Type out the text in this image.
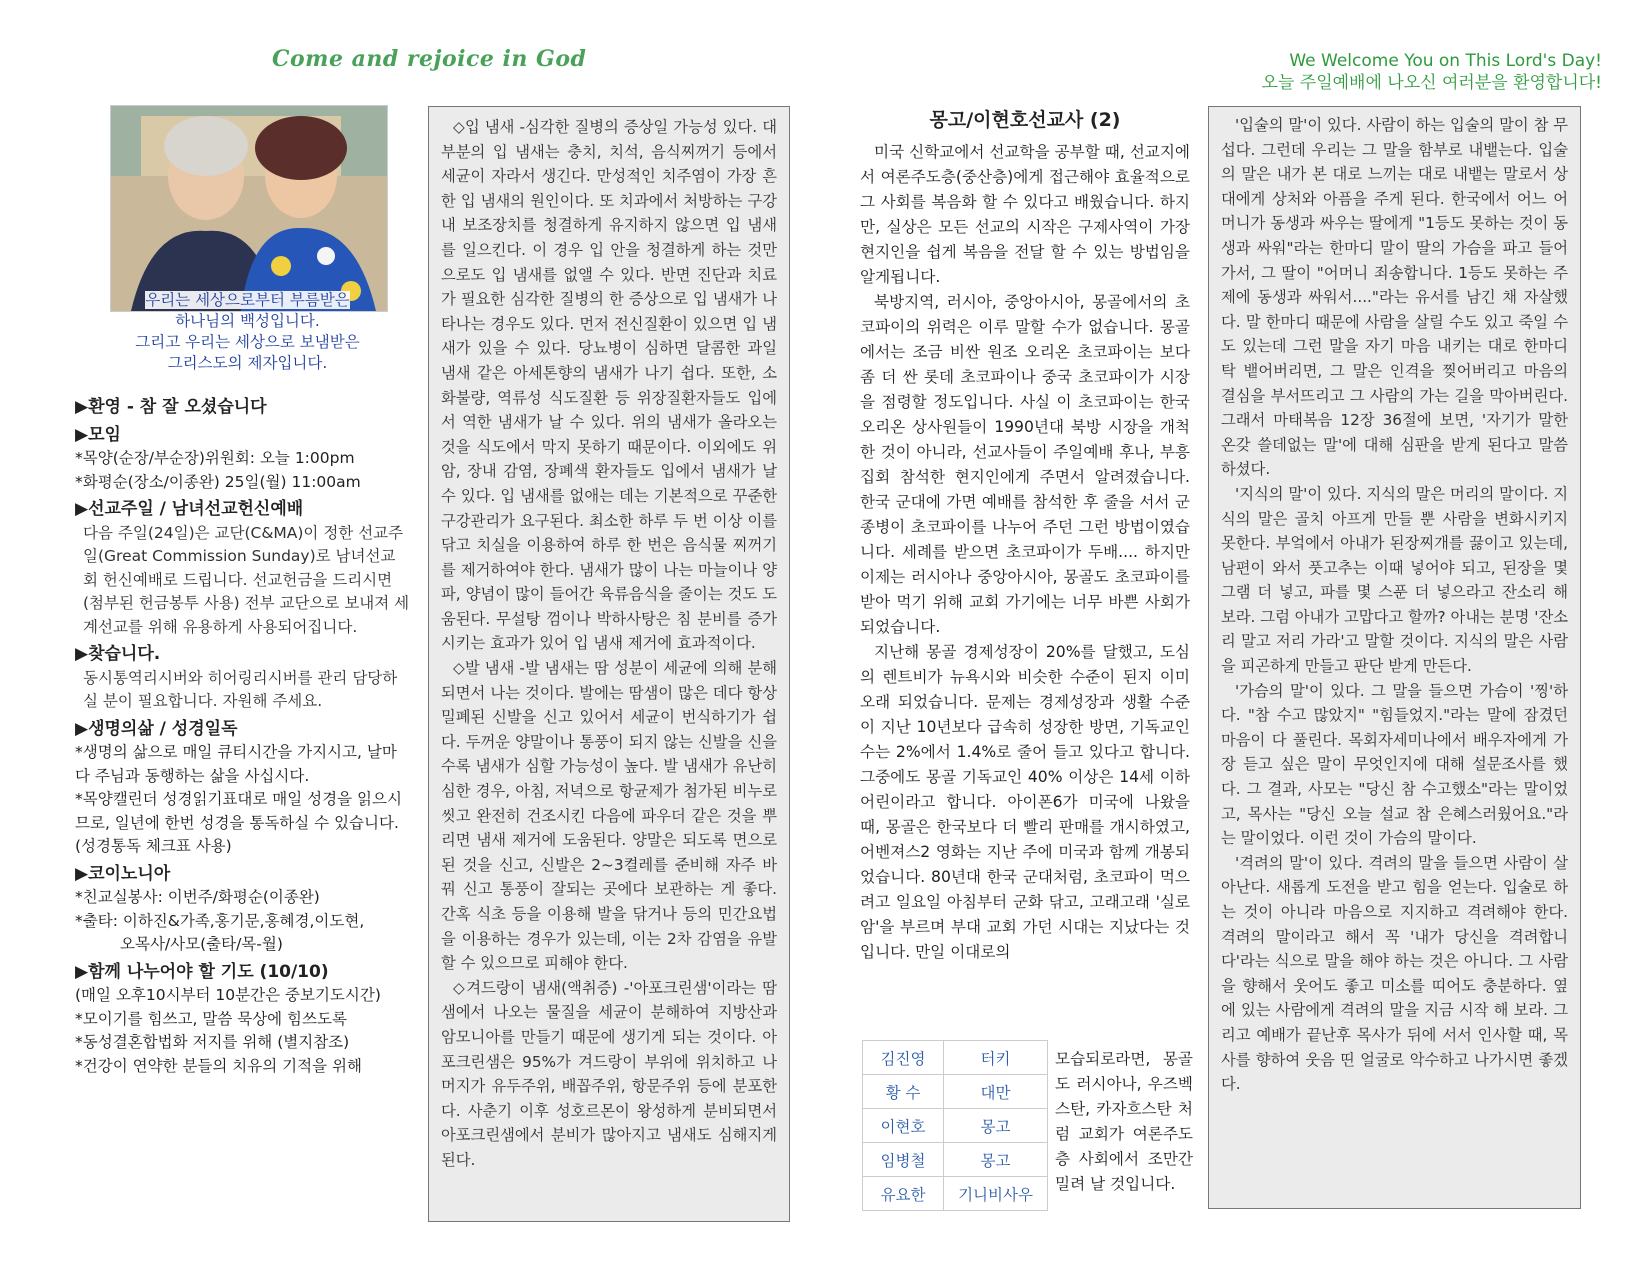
Come and rejoice in God	We Welcome You on This Lord's Day!
오늘 주일예배에 나오신 여러분을 환영합니다!
우리는 세상으로부터 부름받은
하나님의 백성입니다.
그리고 우리는 세상으로 보냄받은
그리스도의 제자입니다.
▶환영 - 참 잘 오셨습니다
▶모임
*목양(순장/부순장)위원회: 오늘 1:00pm
*화평순(장소/이종완) 25일(월) 11:00am
▶선교주일 / 남녀선교헌신예배
다음 주일(24일)은 교단(C&MA)이 정한 선교주일(Great Commission Sunday)로 남녀선교회 헌신예배로 드립니다. 선교헌금을 드리시면(첨부된 헌금봉투 사용) 전부 교단으로 보내져 세계선교를 위해 유용하게 사용되어집니다.
▶찾습니다.
동시통역리시버와 히어링리시버를 관리 담당하실 분이 필요합니다. 자원해 주세요.
▶생명의삶 / 성경일독
*생명의 삶으로 매일 큐티시간을 가지시고, 날마다 주님과 동행하는 삶을 사십시다.
*목양캘린더 성경읽기표대로 매일 성경을 읽으시므로, 일년에 한번 성경을 통독하실 수 있습니다. (성경통독 체크표 사용)
▶코이노니아
*친교실봉사: 이번주/화평순(이종완)
*출타: 이하진&가족,홍기문,홍혜경,이도현,
오목사/사모(출타/목-월)
▶함께 나누어야 할 기도 (10/10)
(매일 오후10시부터 10분간은 중보기도시간)
*모이기를 힘쓰고, 말씀 묵상에 힘쓰도록
*동성결혼합법화 저지를 위해 (별지참조)
*건강이 연약한 분들의 치유의 기적을 위해

◇입 냄새 -심각한 질병의 증상일 가능성 있다. 대부분의 입 냄새는 충치, 치석, 음식찌꺼기 등에서 세균이 자라서 생긴다. 만성적인 치주염이 가장 흔한 입 냄새의 원인이다. 또 치과에서 처방하는 구강 내 보조장치를 청결하게 유지하지 않으면 입 냄새를 일으킨다. 이 경우 입 안을 청결하게 하는 것만으로도 입 냄새를 없앨 수 있다. 반면 진단과 치료가 필요한 심각한 질병의 한 증상으로 입 냄새가 나타나는 경우도 있다. 먼저 전신질환이 있으면 입 냄새가 있을 수 있다. 당뇨병이 심하면 달콤한 과일 냄새 같은 아세톤향의 냄새가 나기 쉽다. 또한, 소화불량, 역류성 식도질환 등 위장질환자들도 입에서 역한 냄새가 날 수 있다. 위의 냄새가 올라오는 것을 식도에서 막지 못하기 때문이다. 이외에도 위암, 장내 감염, 장폐색 환자들도 입에서 냄새가 날 수 있다. 입 냄새를 없애는 데는 기본적으로 꾸준한 구강관리가 요구된다. 최소한 하루 두 번 이상 이를 닦고 치실을 이용하여 하루 한 번은 음식물 찌꺼기를 제거하여야 한다. 냄새가 많이 나는 마늘이나 양파, 양념이 많이 들어간 육류음식을 줄이는 것도 도움된다. 무설탕 껌이나 박하사탕은 침 분비를 증가시키는 효과가 있어 입 냄새 제거에 효과적이다.

◇발 냄새 -발 냄새는 땀 성분이 세균에 의해 분해되면서 나는 것이다. 발에는 땀샘이 많은 데다 항상 밀폐된 신발을 신고 있어서 세균이 번식하기가 쉽다. 두꺼운 양말이나 통풍이 되지 않는 신발을 신을수록 냄새가 심할 가능성이 높다. 발 냄새가 유난히 심한 경우, 아침, 저녁으로 항균제가 첨가된 비누로 씻고 완전히 건조시킨 다음에 파우더 같은 것을 뿌리면 냄새 제거에 도움된다. 양말은 되도록 면으로 된 것을 신고, 신발은 2~3켤레를 준비해 자주 바꿔 신고 통풍이 잘되는 곳에다 보관하는 게 좋다. 간혹 식초 등을 이용해 발을 닦거나 등의 민간요법을 이용하는 경우가 있는데, 이는 2차 감염을 유발할 수 있으므로 피해야 한다.

◇겨드랑이 냄새(액취증) -'아포크린샘'이라는 땀샘에서 나오는 물질을 세균이 분해하여 지방산과 암모니아를 만들기 때문에 생기게 되는 것이다. 아포크린샘은 95%가 겨드랑이 부위에 위치하고 나머지가 유두주위, 배꼽주위, 항문주위 등에 분포한다. 사춘기 이후 성호르몬이 왕성하게 분비되면서 아포크린샘에서 분비가 많아지고 냄새도 심해지게 된다.

몽고/이현호선교사 (2)

미국 신학교에서 선교학을 공부할 때, 선교지에서 여론주도층(중산층)에게 접근해야 효율적으로 그 사회를 복음화 할 수 있다고 배웠습니다. 하지만, 실상은 모든 선교의 시작은 구제사역이 가장 현지인을 쉽게 복음을 전달 할 수 있는 방법임을 알게됩니다.

북방지역, 러시아, 중앙아시아, 몽골에서의 초코파이의 위력은 이루 말할 수가 없습니다. 몽골에서는 조금 비싼 원조 오리온 초코파이는 보다 좀 더 싼 롯데 초코파이나 중국 초코파이가 시장을 점령할 정도입니다. 사실 이 초코파이는 한국 오리온 상사원들이 1990년대 북방 시장을 개척한 것이 아니라, 선교사들이 주일예배 후나, 부흥집회 참석한 현지인에게 주면서 알려졌습니다. 한국 군대에 가면 예배를 참석한 후 줄을 서서 군종병이 초코파이를 나누어 주던 그런 방법이였습니다. 세례를 받으면 초코파이가 두배.... 하지만 이제는 러시아나 중앙아시아, 몽골도 초코파이를 받아 먹기 위해 교회 가기에는 너무 바쁜 사회가 되었습니다.

지난해 몽골 경제성장이 20%를 달했고, 도심의 렌트비가 뉴욕시와 비슷한 수준이 된지 이미 오래 되었습니다. 문제는 경제성장과 생활 수준이 지난 10년보다 급속히 성장한 방면, 기독교인 수는 2%에서 1.4%로 줄어 들고 있다고 합니다. 그중에도 몽골 기독교인 40% 이상은 14세 이하 어린이라고 합니다. 아이폰6가 미국에 나왔을 때, 몽골은 한국보다 더 빨리 판매를 개시하였고, 어벤져스2 영화는 지난 주에 미국과 함께 개봉되었습니다. 80년대 한국 군대처럼, 초코파이 먹으려고 일요일 아침부터 군화 닦고, 고래고래 '실로암'을 부르며 부대 교회 가던 시대는 지났다는 것입니다. 만일 이대로의

김진영	터키
황 수	대만
이현호	몽고
임병철	몽고
유요한	기니비사우
모습되로라면, 몽골도 러시아나, 우즈벡스탄, 카자흐스탄 처럼 교회가 여론주도층 사회에서 조만간 밀려 날 것입니다.

'입술의 말'이 있다. 사람이 하는 입술의 말이 참 무섭다. 그런데 우리는 그 말을 함부로 내뱉는다. 입술의 말은 내가 본 대로 느끼는 대로 내뱉는 말로서 상대에게 상처와 아픔을 주게 된다. 한국에서 어느 어머니가 동생과 싸우는 딸에게 "1등도 못하는 것이 동생과 싸워"라는 한마디 말이 딸의 가슴을 파고 들어가서, 그 딸이 "어머니 죄송합니다. 1등도 못하는 주제에 동생과 싸워서...."라는 유서를 남긴 채 자살했다. 말 한마디 때문에 사람을 살릴 수도 있고 죽일 수도 있는데 그런 말을 자기 마음 내키는 대로 한마디 탁 뱉어버리면, 그 말은 인격을 찢어버리고 마음의 결심을 부서뜨리고 그 사람의 가는 길을 막아버린다. 그래서 마태복음 12장 36절에 보면, '자기가 말한 온갖 쓸데없는 말'에 대해 심판을 받게 된다고 말씀하셨다.

'지식의 말'이 있다. 지식의 말은 머리의 말이다. 지식의 말은 골치 아프게 만들 뿐 사람을 변화시키지 못한다. 부엌에서 아내가 된장찌개를 끓이고 있는데, 남편이 와서 풋고추는 이때 넣어야 되고, 된장을 몇 그램 더 넣고, 파를 몇 스푼 더 넣으라고 잔소리 해 보라. 그럼 아내가 고맙다고 할까? 아내는 분명 '잔소리 말고 저리 가라'고 말할 것이다. 지식의 말은 사람을 피곤하게 만들고 판단 받게 만든다.

'가슴의 말'이 있다. 그 말을 들으면 가슴이 '찡'하다. "참 수고 많았지" "힘들었지."라는 말에 잠겼던 마음이 다 풀린다. 목회자세미나에서 배우자에게 가장 듣고 싶은 말이 무엇인지에 대해 설문조사를 했다. 그 결과, 사모는 "당신 참 수고했소"라는 말이었고, 목사는 "당신 오늘 설교 참 은혜스러웠어요."라는 말이었다. 이런 것이 가슴의 말이다.

'격려의 말'이 있다. 격려의 말을 들으면 사람이 살아난다. 새롭게 도전을 받고 힘을 얻는다. 입술로 하는 것이 아니라 마음으로 지지하고 격려해야 한다. 격려의 말이라고 해서 꼭 '내가 당신을 격려합니다'라는 식으로 말을 해야 하는 것은 아니다. 그 사람을 향해서 웃어도 좋고 미소를 띠어도 충분하다. 옆에 있는 사람에게 격려의 말을 지금 시작 해 보라. 그리고 예배가 끝난후 목사가 뒤에 서서 인사할 때, 목사를 향하여 웃음 띤 얼굴로 악수하고 나가시면 좋겠다.
